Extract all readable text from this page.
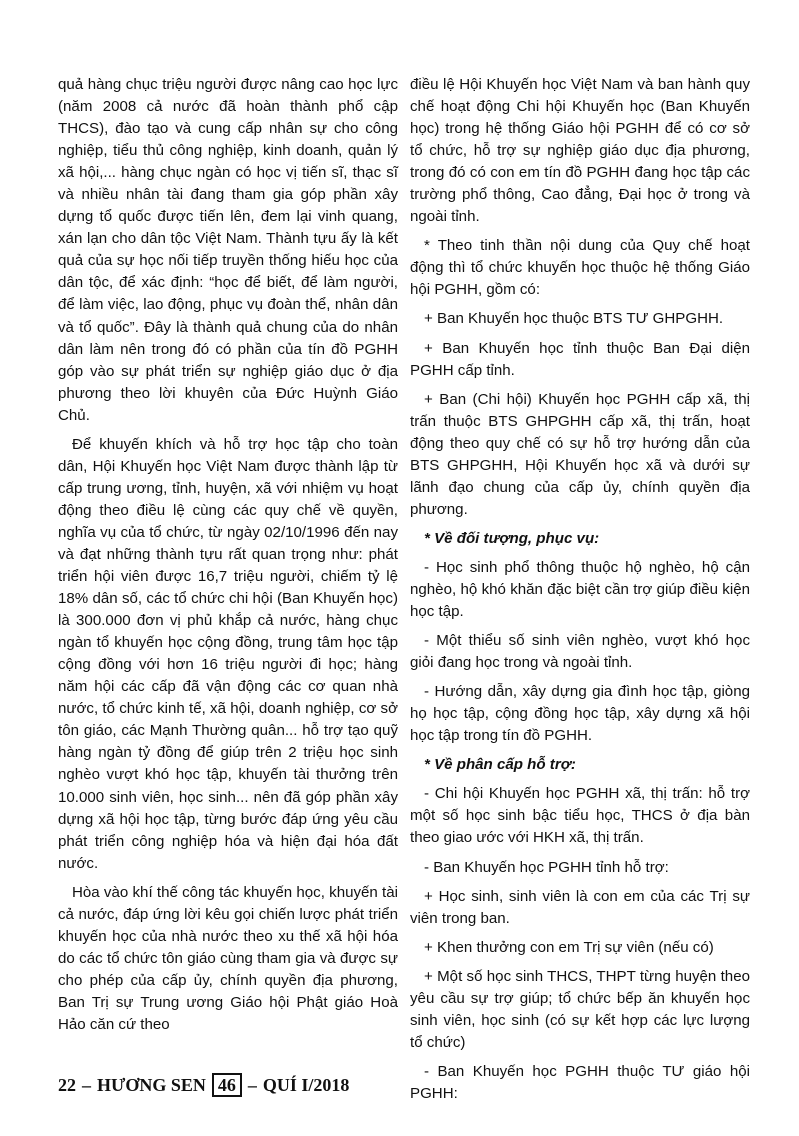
quả hàng chục triệu người được nâng cao học lực (năm 2008 cả nước đã hoàn thành phổ cập THCS), đào tạo và cung cấp nhân sự cho công nghiệp, tiểu thủ công nghiệp, kinh doanh, quản lý xã hội,... hàng chục ngàn có học vị tiến sĩ, thạc sĩ và nhiều nhân tài đang tham gia góp phần xây dựng tổ quốc được tiến lên, đem lại vinh quang, xán lạn cho dân tộc Việt Nam. Thành tựu ấy là kết quả của sự học nối tiếp truyền thống hiếu học của dân tộc, để xác định: “học để biết, để làm người, để làm việc, lao động, phục vụ đoàn thể, nhân dân và tổ quốc”. Đây là thành quả chung của do nhân dân làm nên trong đó có phần của tín đồ PGHH góp vào sự phát triển sự nghiệp giáo dục ở địa phương theo lời khuyên của Đức Huỳnh Giáo Chủ.

Để khuyến khích và hỗ trợ học tập cho toàn dân, Hội Khuyến học Việt Nam được thành lập từ cấp trung ương, tỉnh, huyện, xã với nhiệm vụ hoạt động theo điều lệ cùng các quy chế về quyền, nghĩa vụ của tổ chức, từ ngày 02/10/1996 đến nay và đạt những thành tựu rất quan trọng như: phát triển hội viên được 16,7 triệu người, chiếm tỷ lệ 18% dân số, các tổ chức chi hội (Ban Khuyến học) là 300.000 đơn vị phủ khắp cả nước, hàng chục ngàn tổ khuyến học cộng đồng, trung tâm học tập cộng đồng với hơn 16 triệu người đi học; hàng năm hội các cấp đã vận động các cơ quan nhà nước, tổ chức kinh tế, xã hội, doanh nghiệp, cơ sở tôn giáo, các Mạnh Thường quân... hỗ trợ tạo quỹ hàng ngàn tỷ đồng để giúp trên 2 triệu học sinh nghèo vượt khó học tập, khuyến tài thưởng trên 10.000 sinh viên, học sinh... nên đã góp phần xây dựng xã hội học tập, từng bước đáp ứng yêu cầu phát triển công nghiệp hóa và hiện đại hóa đất nước.

Hòa vào khí thế công tác khuyến học, khuyến tài cả nước, đáp ứng lời kêu gọi chiến lược phát triển khuyến học của nhà nước theo xu thế xã hội hóa do các tổ chức tôn giáo cùng tham gia và được sự cho phép của cấp ủy, chính quyền địa phương, Ban Trị sự Trung ương Giáo hội Phật giáo Hoà Hảo căn cứ theo

điều lệ Hội Khuyến học Việt Nam và ban hành quy chế hoạt động Chi hội Khuyến học (Ban Khuyến học) trong hệ thống Giáo hội PGHH để có cơ sở tổ chức, hỗ trợ sự nghiệp giáo dục địa phương, trong đó có con em tín đồ PGHH đang học tập các trường phổ thông, Cao đẳng, Đại học ở trong và ngoài tỉnh.

* Theo tinh thần nội dung của Quy chế hoạt động thì tổ chức khuyến học thuộc hệ thống Giáo hội PGHH, gồm có:

+ Ban Khuyến học thuộc BTS TƯ GHPGHH.

+ Ban Khuyến học tỉnh thuộc Ban Đại diện PGHH cấp tỉnh.

+ Ban (Chi hội) Khuyến học PGHH cấp xã, thị trấn thuộc BTS GHPGHH cấp xã, thị trấn, hoạt động theo quy chế có sự hỗ trợ hướng dẫn của BTS GHPGHH, Hội Khuyến học xã và dưới sự lãnh đạo chung của cấp ủy, chính quyền địa phương.

* Về đối tượng, phục vụ:

- Học sinh phổ thông thuộc hộ nghèo, hộ cận nghèo, hộ khó khăn đặc biệt cần trợ giúp điều kiện học tập.

- Một thiểu số sinh viên nghèo, vượt khó học giỏi đang học trong và ngoài tỉnh.

- Hướng dẫn, xây dựng gia đình học tập, giòng họ học tập, cộng đồng học tập, xây dựng xã hội học tập trong tín đồ PGHH.

* Về phân cấp hỗ trợ:

- Chi hội Khuyến học PGHH xã, thị trấn: hỗ trợ một số học sinh bậc tiểu học, THCS ở địa bàn theo giao ước với HKH xã, thị trấn.

- Ban Khuyến học PGHH tỉnh hỗ trợ:

+ Học sinh, sinh viên là con em của các Trị sự viên trong ban.

+ Khen thưởng con em Trị sự viên (nếu có)

+ Một số học sinh THCS, THPT từng huyện theo yêu cầu sự trợ giúp; tổ chức bếp ăn khuyến học sinh viên, học sinh (có sự kết hợp các lực lượng tổ chức)

- Ban Khuyến học PGHH thuộc TƯ giáo hội PGHH:

22 – HƯƠNG SEN 46 – QUÍ I/2018
